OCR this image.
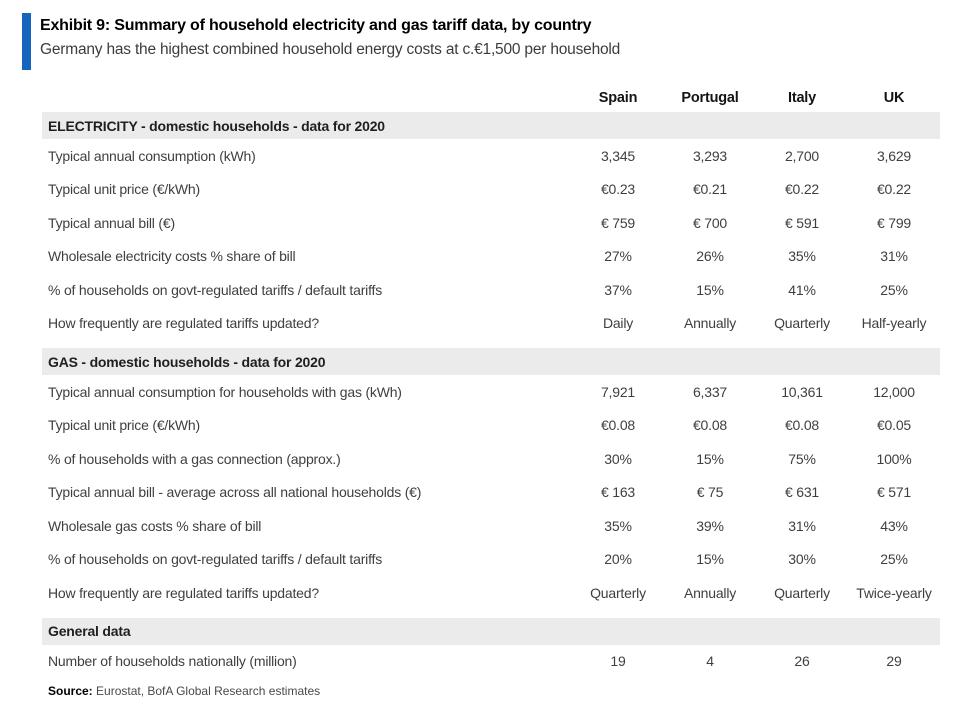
Exhibit 9: Summary of household electricity and gas tariff data, by country

Germany has the highest combined household energy costs at c.€1,500 per household

Spain	Portugal	Italy	UK
ELECTRICITY - domestic households - data for 2020
Typical annual consumption (kWh)	3,345	3,293	2,700	3,629
Typical unit price (€/kWh)	€0.23	€0.21	€0.22	€0.22
Typical annual bill (€)	€ 759	€ 700	€ 591	€ 799
Wholesale electricity costs % share of bill	27%	26%	35%	31%
% of households on govt-regulated tariffs / default tariffs	37%	15%	41%	25%
How frequently are regulated tariffs updated?	Daily	Annually	Quarterly	Half-yearly
GAS - domestic households - data for 2020
Typical annual consumption for households with gas (kWh)	7,921	6,337	10,361	12,000
Typical unit price (€/kWh)	€0.08	€0.08	€0.08	€0.05
% of households with a gas connection (approx.)	30%	15%	75%	100%
Typical annual bill - average across all national households (€)	€ 163	€ 75	€ 631	€ 571
Wholesale gas costs % share of bill	35%	39%	31%	43%
% of households on govt-regulated tariffs / default tariffs	20%	15%	30%	25%
How frequently are regulated tariffs updated?	Quarterly	Annually	Quarterly	Twice-yearly
General data
Number of households nationally (million)	19	4	26	29
Source: Eurostat, BofA Global Research estimates
